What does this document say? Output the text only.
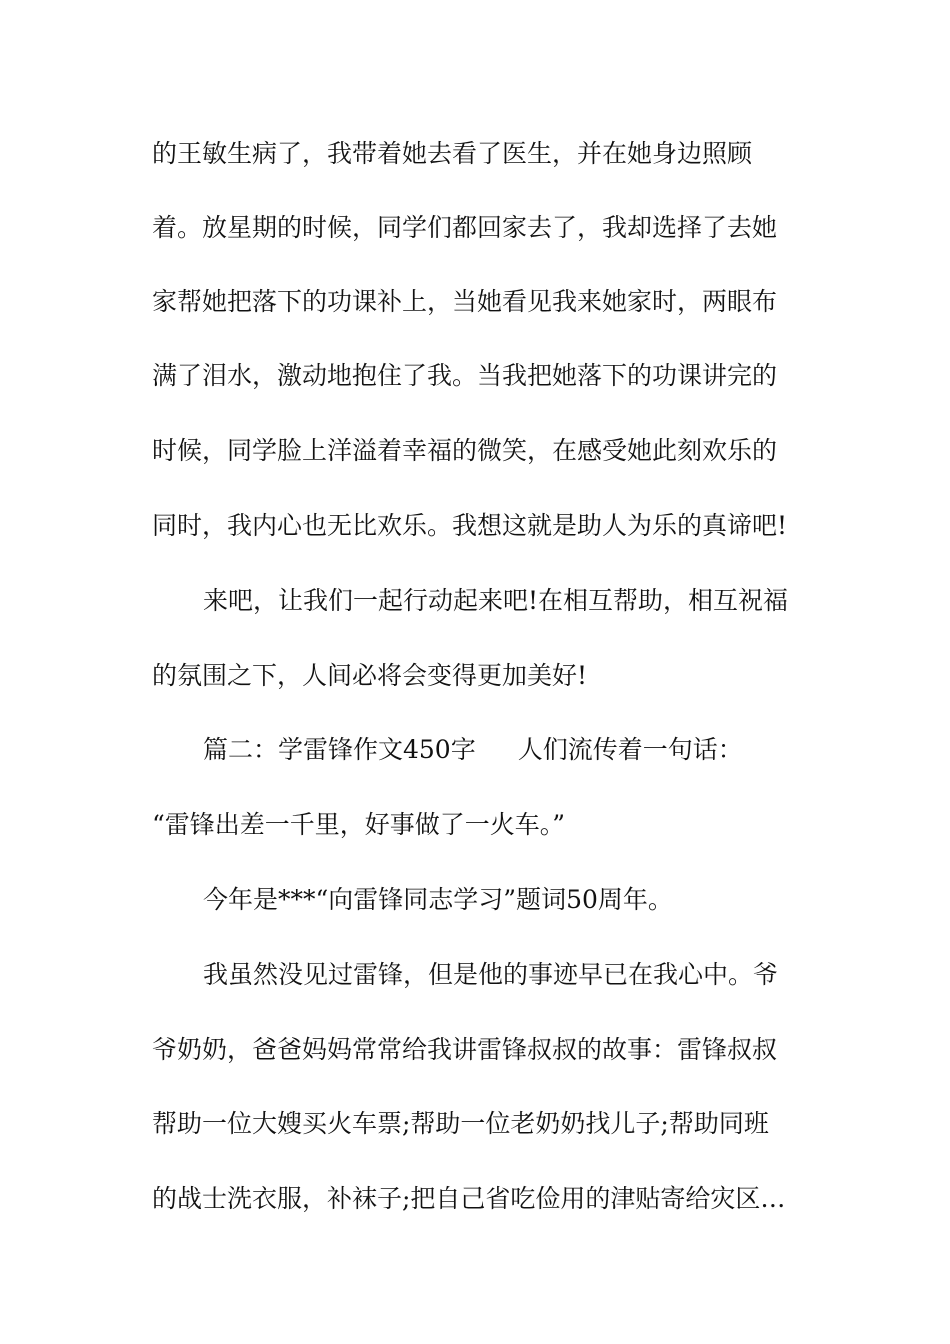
的王敏生病了，我带着她去看了医生，并在她身边照顾
着。放星期的时候，同学们都回家去了，我却选择了去她
家帮她把落下的功课补上，当她看见我来她家时，两眼布
满了泪水，激动地抱住了我。当我把她落下的功课讲完的
时候，同学脸上洋溢着幸福的微笑，在感受她此刻欢乐的
同时，我内心也无比欢乐。我想这就是助人为乐的真谛吧!
来吧，让我们一起行动起来吧!在相互帮助，相互祝福
的氛围之下，人间必将会变得更加美好!
篇二：学雷锋作文450字 人们流传着一句话：
“雷锋出差一千里，好事做了一火车。”
今年是***“向雷锋同志学习”题词50周年。
我虽然没见过雷锋，但是他的事迹早已在我心中。爷
爷奶奶，爸爸妈妈常常给我讲雷锋叔叔的故事：雷锋叔叔
帮助一位大嫂买火车票;帮助一位老奶奶找儿子;帮助同班
的战士洗衣服，补袜子;把自己省吃俭用的津贴寄给灾区…
